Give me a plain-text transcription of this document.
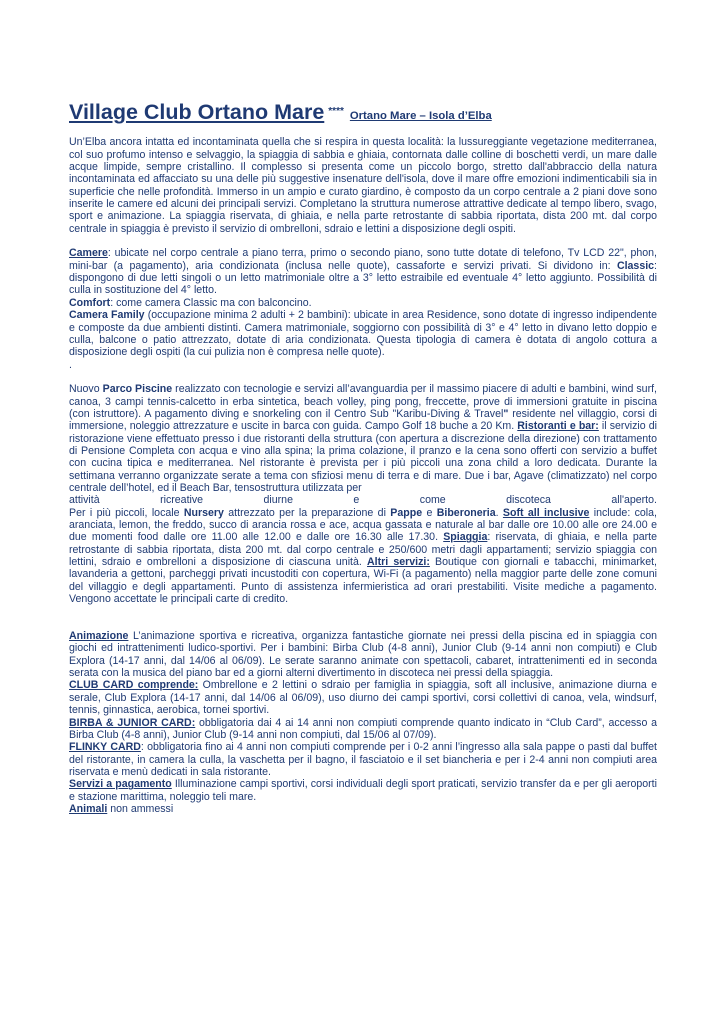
Village Club Ortano Mare **** Ortano Mare – Isola d’Elba

Un’Elba ancora intatta ed incontaminata quella che si respira in questa località: la lussureggiante vegetazione mediterranea, col suo profumo intenso e selvaggio, la spiaggia di sabbia e ghiaia, contornata dalle colline di boschetti verdi, un mare dalle acque limpide, sempre cristallino. Il complesso si presenta come un piccolo borgo, stretto dall'abbraccio della natura incontaminata ed affacciato su una delle più suggestive insenature dell'isola, dove il mare offre emozioni indimenticabili sia in superficie che nelle profondità. Immerso in un ampio e curato giardino, è composto da un corpo centrale a 2 piani dove sono inserite le camere ed alcuni dei principali servizi. Completano la struttura numerose attrattive dedicate al tempo libero, svago, sport e animazione. La spiaggia riservata, di ghiaia, e nella parte retrostante di sabbia riportata, dista 200 mt. dal corpo centrale in spiaggia è previsto il servizio di ombrelloni, sdraio e lettini a disposizione degli ospiti.

Camere: ubicate nel corpo centrale a piano terra, primo o secondo piano, sono tutte dotate di telefono, Tv LCD 22", phon, mini-bar (a pagamento), aria condizionata (inclusa nelle quote), cassaforte e servizi privati. Si dividono in: Classic: dispongono di due letti singoli o un letto matrimoniale oltre a 3° letto estraibile ed eventuale 4° letto aggiunto. Possibilità di culla in sostituzione del 4° letto.

Comfort: come camera Classic ma con balconcino.

Camera Family (occupazione minima 2 adulti + 2 bambini): ubicate in area Residence, sono dotate di ingresso indipendente e composte da due ambienti distinti. Camera matrimoniale, soggiorno con possibilità di 3° e 4° letto in divano letto doppio e culla, balcone o patio attrezzato, dotate di aria condizionata. Questa tipologia di camera è dotata di angolo cottura a disposizione degli ospiti (la cui pulizia non è compresa nelle quote).

.

Nuovo Parco Piscine realizzato con tecnologie e servizi all’avanguardia per il massimo piacere di adulti e bambini, wind surf, canoa, 3 campi tennis-calcetto in erba sintetica, beach volley, ping pong, freccette, prove di immersioni gratuite in piscina (con istruttore). A pagamento diving e snorkeling con il Centro Sub "Karibu-Diving & Travel" residente nel villaggio, corsi di immersione, noleggio attrezzature e uscite in barca con guida. Campo Golf 18 buche a 20 Km. Ristoranti e bar: il servizio di ristorazione viene effettuato presso i due ristoranti della struttura (con apertura a discrezione della direzione) con trattamento di Pensione Completa con acqua e vino alla spina; la prima colazione, il pranzo e la cena sono offerti con servizio a buffet con cucina tipica e mediterranea. Nel ristorante è prevista per i più piccoli una zona child a loro dedicata. Durante la settimana verranno organizzate serate a tema con sfiziosi menu di terra e di mare. Due i bar, Agave (climatizzato) nel corpo centrale dell’hotel, ed il Beach Bar, tensostruttura utilizzata per

attività	ricreative	diurne	e	come	discoteca	all'aperto.

Per i più piccoli, locale Nursery attrezzato per la preparazione di Pappe e Biberoneria. Soft all inclusive include: cola, aranciata, lemon, the freddo, succo di arancia rossa e ace, acqua gassata e naturale al bar dalle ore 10.00 alle ore 24.00 e due momenti food dalle ore 11.00 alle 12.00 e dalle ore 16.30 alle 17.30. Spiaggia: riservata, di ghiaia, e nella parte retrostante di sabbia riportata, dista 200 mt. dal corpo centrale e 250/600 metri dagli appartamenti; servizio spiaggia con lettini, sdraio e ombrelloni a disposizione di ciascuna unità. Altri servizi: Boutique con giornali e tabacchi, minimarket, lavanderia a gettoni, parcheggi privati incustoditi con copertura, Wi-Fi (a pagamento) nella maggior parte delle zone comuni del villaggio e degli appartamenti. Punto di assistenza infermieristica ad orari prestabiliti. Visite mediche a pagamento. Vengono accettate le principali carte di credito.

Animazione L’animazione sportiva e ricreativa, organizza fantastiche giornate nei pressi della piscina ed in spiaggia con giochi ed intrattenimenti ludico-sportivi. Per i bambini: Birba Club (4-8 anni), Junior Club (9-14 anni non compiuti) e Club Explora (14-17 anni, dal 14/06 al 06/09). Le serate saranno animate con spettacoli, cabaret, intrattenimenti ed in seconda serata con la musica del piano bar ed a giorni alterni divertimento in discoteca nei pressi della spiaggia.

CLUB CARD comprende: Ombrellone e 2 lettini o sdraio per famiglia in spiaggia, soft all inclusive, animazione diurna e serale, Club Explora (14-17 anni, dal 14/06 al 06/09), uso diurno dei campi sportivi, corsi collettivi di canoa, vela, windsurf, tennis, ginnastica, aerobica, tornei sportivi.

BIRBA & JUNIOR CARD: obbligatoria dai 4 ai 14 anni non compiuti comprende quanto indicato in “Club Card”, accesso a Birba Club (4-8 anni), Junior Club (9-14 anni non compiuti, dal 15/06 al 07/09).

FLINKY CARD: obbligatoria fino ai 4 anni non compiuti comprende per i 0-2 anni l’ingresso alla sala pappe o pasti dal buffet del ristorante, in camera la culla, la vaschetta per il bagno, il fasciatoio e il set biancheria e per i 2-4 anni non compiuti area riservata e menù dedicati in sala ristorante.

Servizi a pagamento Illuminazione campi sportivi, corsi individuali degli sport praticati, servizio transfer da e per gli aeroporti e stazione marittima, noleggio teli mare.

Animali non ammessi
